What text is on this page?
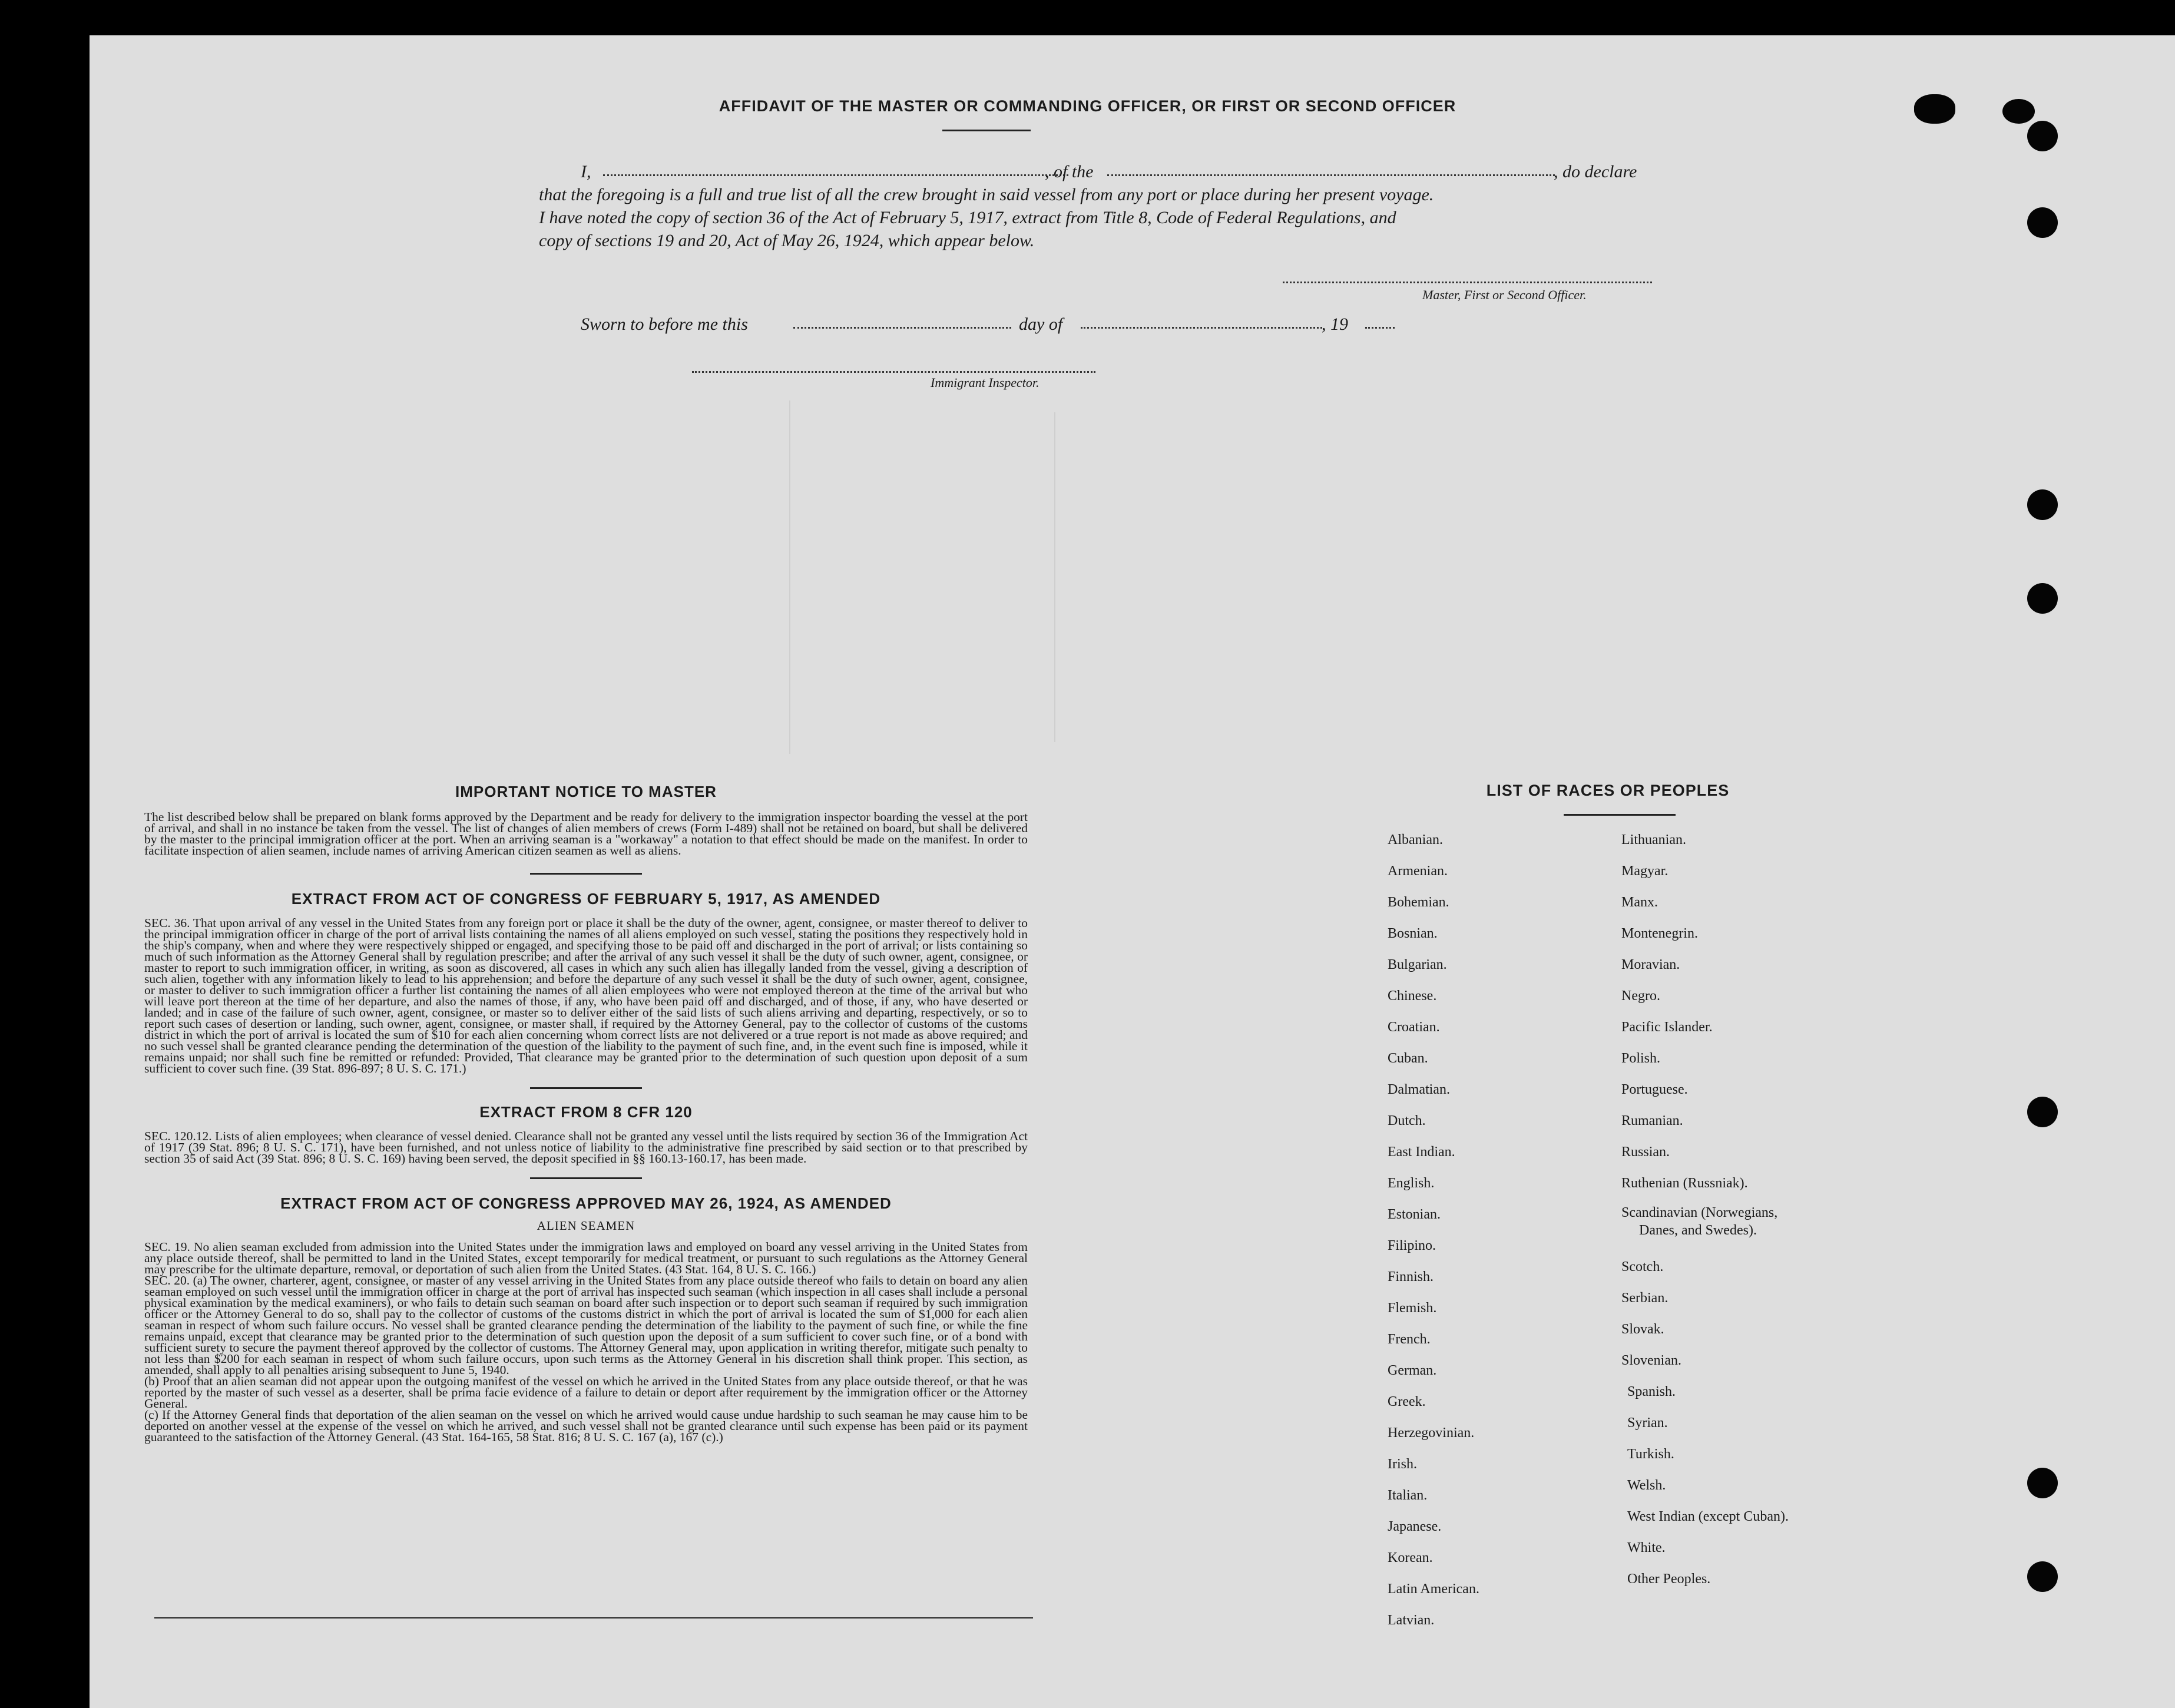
AFFIDAVIT OF THE MASTER OR COMMANDING OFFICER, OR FIRST OR SECOND OFFICER
I,	, of the	, do declare
that the foregoing is a full and true list of all the crew brought in said vessel from any port or place during her present voyage.
I have noted the copy of section 36 of the Act of February 5, 1917, extract from Title 8, Code of Federal Regulations, and
copy of sections 19 and 20, Act of May 26, 1924, which appear below.
Master, First or Second Officer.
Sworn to before me this	day of	, 19
Immigrant Inspector.
IMPORTANT NOTICE TO MASTER

The list described below shall be prepared on blank forms approved by the Department and be ready for delivery to the immigration inspector boarding the vessel at the port of arrival, and shall in no instance be taken from the vessel. The list of changes of alien members of crews (Form I-489) shall not be retained on board, but shall be delivered by the master to the principal immigration officer at the port. When an arriving seaman is a "workaway" a notation to that effect should be made on the manifest. In order to facilitate inspection of alien seamen, include names of arriving American citizen seamen as well as aliens.

EXTRACT FROM ACT OF CONGRESS OF FEBRUARY 5, 1917, AS AMENDED

SEC. 36. That upon arrival of any vessel in the United States from any foreign port or place it shall be the duty of the owner, agent, consignee, or master thereof to deliver to the principal immigration officer in charge of the port of arrival lists containing the names of all aliens employed on such vessel, stating the positions they respectively hold in the ship's company, when and where they were respectively shipped or engaged, and specifying those to be paid off and discharged in the port of arrival; or lists containing so much of such information as the Attorney General shall by regulation prescribe; and after the arrival of any such vessel it shall be the duty of such owner, agent, consignee, or master to report to such immigration officer, in writing, as soon as discovered, all cases in which any such alien has illegally landed from the vessel, giving a description of such alien, together with any information likely to lead to his apprehension; and before the departure of any such vessel it shall be the duty of such owner, agent, consignee, or master to deliver to such immigration officer a further list containing the names of all alien employees who were not employed thereon at the time of the arrival but who will leave port thereon at the time of her departure, and also the names of those, if any, who have been paid off and discharged, and of those, if any, who have deserted or landed; and in case of the failure of such owner, agent, consignee, or master so to deliver either of the said lists of such aliens arriving and departing, respectively, or so to report such cases of desertion or landing, such owner, agent, consignee, or master shall, if required by the Attorney General, pay to the collector of customs of the customs district in which the port of arrival is located the sum of $10 for each alien concerning whom correct lists are not delivered or a true report is not made as above required; and no such vessel shall be granted clearance pending the determination of the question of the liability to the payment of such fine, and, in the event such fine is imposed, while it remains unpaid; nor shall such fine be remitted or refunded: Provided, That clearance may be granted prior to the determination of such question upon deposit of a sum sufficient to cover such fine. (39 Stat. 896-897; 8 U. S. C. 171.)

EXTRACT FROM 8 CFR 120

SEC. 120.12. Lists of alien employees; when clearance of vessel denied. Clearance shall not be granted any vessel until the lists required by section 36 of the Immigration Act of 1917 (39 Stat. 896; 8 U. S. C. 171), have been furnished, and not unless notice of liability to the administrative fine prescribed by said section or to that prescribed by section 35 of said Act (39 Stat. 896; 8 U. S. C. 169) having been served, the deposit specified in §§ 160.13-160.17, has been made.

EXTRACT FROM ACT OF CONGRESS APPROVED MAY 26, 1924, AS AMENDED
ALIEN SEAMEN

SEC. 19. No alien seaman excluded from admission into the United States under the immigration laws and employed on board any vessel arriving in the United States from any place outside thereof, shall be permitted to land in the United States, except temporarily for medical treatment, or pursuant to such regulations as the Attorney General may prescribe for the ultimate departure, removal, or deportation of such alien from the United States. (43 Stat. 164, 8 U. S. C. 166.)

SEC. 20. (a) The owner, charterer, agent, consignee, or master of any vessel arriving in the United States from any place outside thereof who fails to detain on board any alien seaman employed on such vessel until the immigration officer in charge at the port of arrival has inspected such seaman (which inspection in all cases shall include a personal physical examination by the medical examiners), or who fails to detain such seaman on board after such inspection or to deport such seaman if required by such immigration officer or the Attorney General to do so, shall pay to the collector of customs of the customs district in which the port of arrival is located the sum of $1,000 for each alien seaman in respect of whom such failure occurs. No vessel shall be granted clearance pending the determination of the liability to the payment of such fine, or while the fine remains unpaid, except that clearance may be granted prior to the determination of such question upon the deposit of a sum sufficient to cover such fine, or of a bond with sufficient surety to secure the payment thereof approved by the collector of customs. The Attorney General may, upon application in writing therefor, mitigate such penalty to not less than $200 for each seaman in respect of whom such failure occurs, upon such terms as the Attorney General in his discretion shall think proper. This section, as amended, shall apply to all penalties arising subsequent to June 5, 1940.

(b) Proof that an alien seaman did not appear upon the outgoing manifest of the vessel on which he arrived in the United States from any place outside thereof, or that he was reported by the master of such vessel as a deserter, shall be prima facie evidence of a failure to detain or deport after requirement by the immigration officer or the Attorney General.

(c) If the Attorney General finds that deportation of the alien seaman on the vessel on which he arrived would cause undue hardship to such seaman he may cause him to be deported on another vessel at the expense of the vessel on which he arrived, and such vessel shall not be granted clearance until such expense has been paid or its payment guaranteed to the satisfaction of the Attorney General. (43 Stat. 164-165, 58 Stat. 816; 8 U. S. C. 167 (a), 167 (c).)

LIST OF RACES OR PEOPLES
Albanian.
Armenian.
Bohemian.
Bosnian.
Bulgarian.
Chinese.
Croatian.
Cuban.
Dalmatian.
Dutch.
East Indian.
English.
Estonian.
Filipino.
Finnish.
Flemish.
French.
German.
Greek.
Herzegovinian.
Irish.
Italian.
Japanese.
Korean.
Latin American.
Latvian.
Lithuanian.
Magyar.
Manx.
Montenegrin.
Moravian.
Negro.
Pacific Islander.
Polish.
Portuguese.
Rumanian.
Russian.
Ruthenian (Russniak).
Scandinavian (Norwegians,
Danes, and Swedes).
Scotch.
Serbian.
Slovak.
Slovenian.
Spanish.
Syrian.
Turkish.
Welsh.
West Indian (except Cuban).
White.
Other Peoples.
